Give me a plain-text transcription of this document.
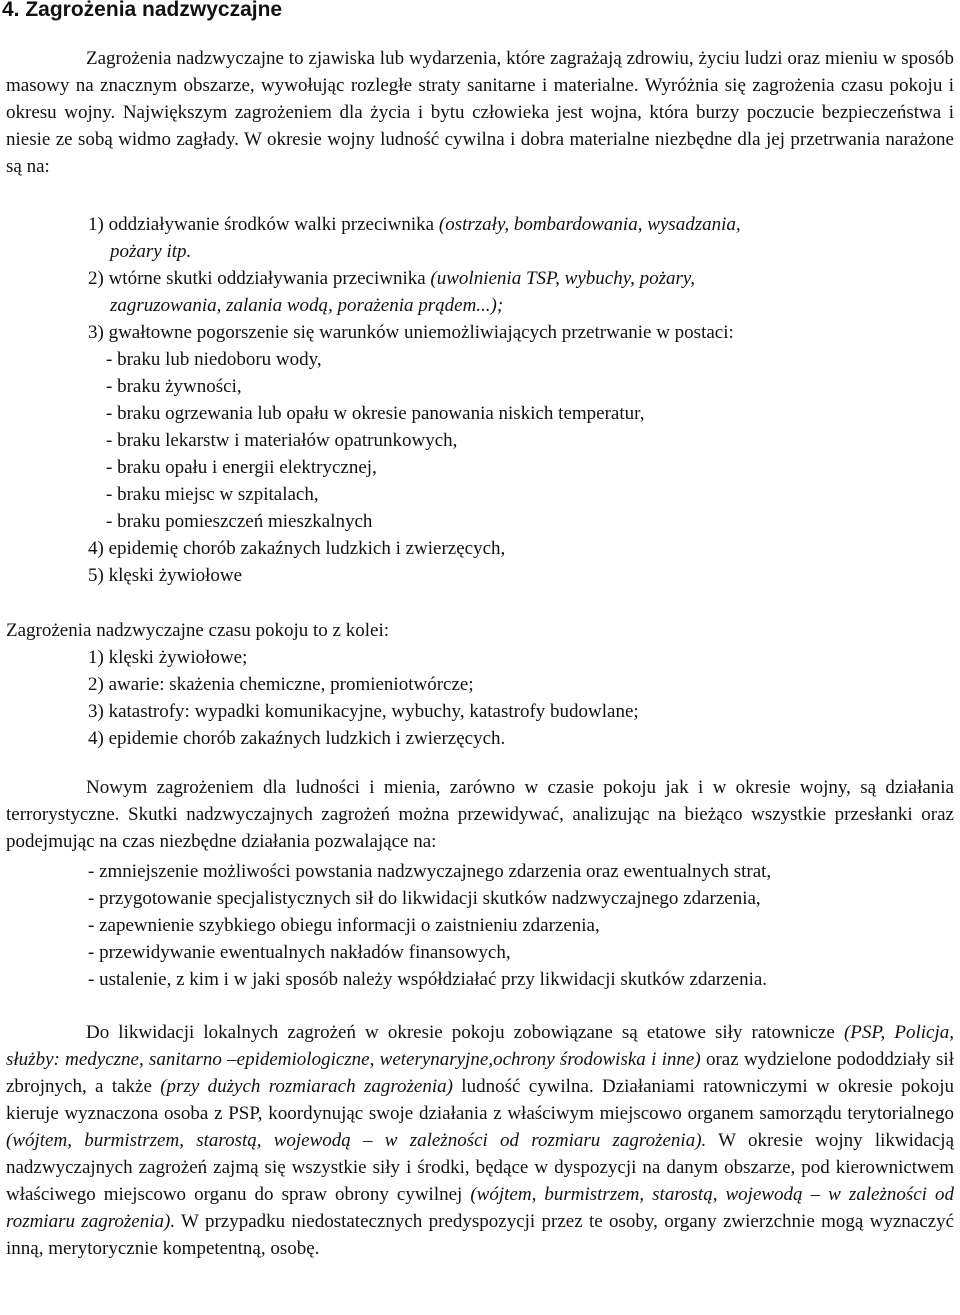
4. Zagrożenia nadzwyczajne

Zagrożenia nadzwyczajne to zjawiska lub wydarzenia, które zagrażają zdrowiu, życiu ludzi oraz mieniu w sposób masowy na znacznym obszarze, wywołując rozległe straty sanitarne i materialne. Wyróżnia się zagrożenia czasu pokoju i okresu wojny. Największym zagrożeniem dla życia i bytu człowieka jest wojna, która burzy poczucie bezpieczeństwa i niesie ze sobą widmo zagłady. W okresie wojny ludność cywilna i dobra materialne niezbędne dla jej przetrwania narażone są na:

1) oddziaływanie środków walki przeciwnika (ostrzały, bombardowania, wysadzania,
pożary itp.
2) wtórne skutki oddziaływania przeciwnika (uwolnienia TSP, wybuchy, pożary,
zagruzowania, zalania wodą, porażenia prądem...);
3) gwałtowne pogorszenie się warunków uniemożliwiających przetrwanie w postaci:
- braku lub niedoboru wody,
- braku żywności,
- braku ogrzewania lub opału w okresie panowania niskich temperatur,
- braku lekarstw i materiałów opatrunkowych,
- braku opału i energii elektrycznej,
- braku miejsc w szpitalach,
- braku pomieszczeń mieszkalnych
4) epidemię chorób zakaźnych ludzkich i zwierzęcych,
5) klęski żywiołowe

Zagrożenia nadzwyczajne czasu pokoju to z kolei:

1) klęski żywiołowe;
2) awarie: skażenia chemiczne, promieniotwórcze;
3) katastrofy: wypadki komunikacyjne, wybuchy, katastrofy budowlane;
4) epidemie chorób zakaźnych ludzkich i zwierzęcych.

Nowym zagrożeniem dla ludności i mienia, zarówno w czasie pokoju jak i w okresie wojny, są działania terrorystyczne. Skutki nadzwyczajnych zagrożeń można przewidywać, analizując na bieżąco wszystkie przesłanki oraz podejmując na czas niezbędne działania pozwalające na:

- zmniejszenie możliwości powstania nadzwyczajnego zdarzenia oraz ewentualnych strat,
- przygotowanie specjalistycznych sił do likwidacji skutków nadzwyczajnego zdarzenia,
- zapewnienie szybkiego obiegu informacji o zaistnieniu zdarzenia,
- przewidywanie ewentualnych nakładów finansowych,
- ustalenie, z kim i w jaki sposób należy współdziałać przy likwidacji skutków zdarzenia.

Do likwidacji lokalnych zagrożeń w okresie pokoju zobowiązane są etatowe siły ratownicze (PSP, Policja, służby: medyczne, sanitarno –epidemiologiczne, weterynaryjne,ochrony środowiska i inne) oraz wydzielone pododdziały sił zbrojnych, a także (przy dużych rozmiarach zagrożenia) ludność cywilna. Działaniami ratowniczymi w okresie pokoju kieruje wyznaczona osoba z PSP, koordynując swoje działania z właściwym miejscowo organem samorządu terytorialnego (wójtem, burmistrzem, starostą, wojewodą – w zależności od rozmiaru zagrożenia). W okresie wojny likwidacją nadzwyczajnych zagrożeń zajmą się wszystkie siły i środki, będące w dyspozycji na danym obszarze, pod kierownictwem właściwego miejscowo organu do spraw obrony cywilnej (wójtem, burmistrzem, starostą, wojewodą – w zależności od rozmiaru zagrożenia). W przypadku niedostatecznych predyspozycji przez te osoby, organy zwierzchnie mogą wyznaczyć inną, merytorycznie kompetentną, osobę.
